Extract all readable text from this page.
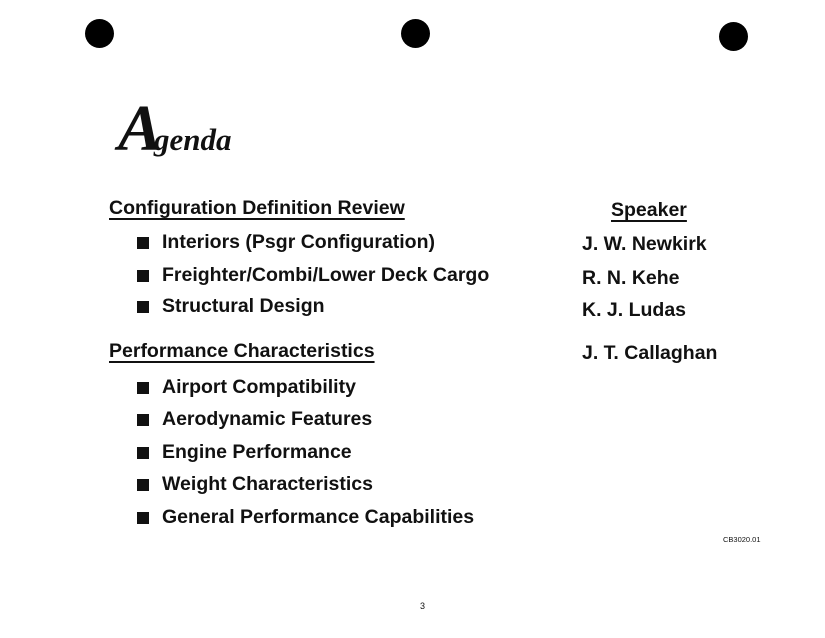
Agenda
Configuration Definition Review
Interiors (Psgr Configuration)
Freighter/Combi/Lower Deck Cargo
Structural Design
Performance Characteristics
Airport Compatibility
Aerodynamic Features
Engine Performance
Weight Characteristics
General Performance Capabilities
Speaker
J. W. Newkirk
R. N. Kehe
K. J. Ludas
J. T. Callaghan
CB3020.01
3
